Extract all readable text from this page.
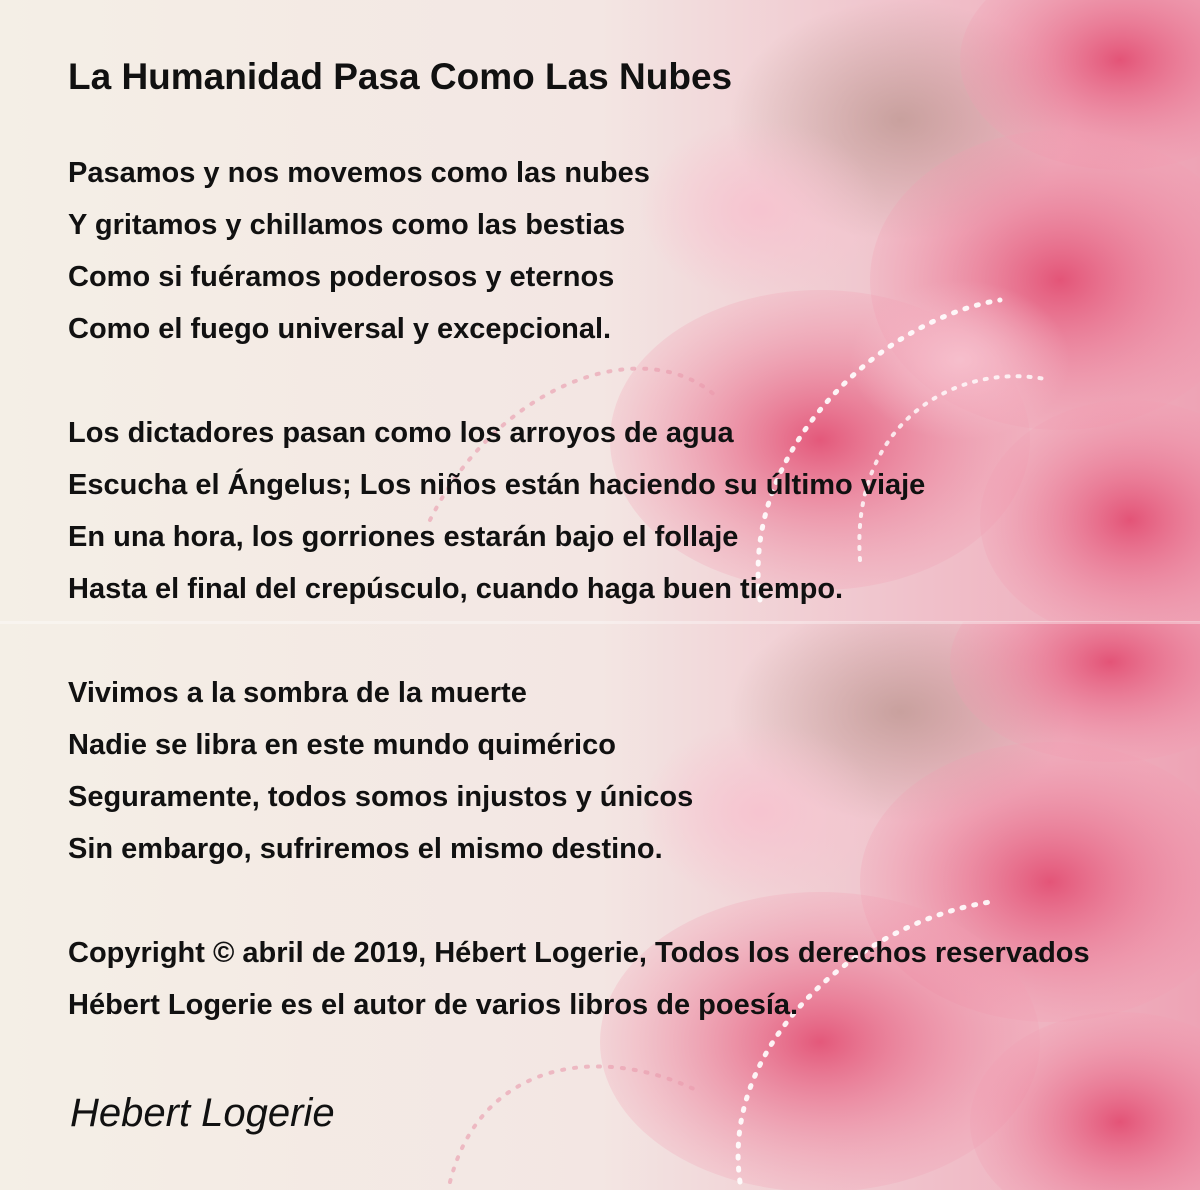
La Humanidad Pasa Como Las Nubes
Pasamos y nos movemos como las nubes
Y gritamos y chillamos como las bestias
Como si fuéramos poderosos y eternos
Como el fuego universal y excepcional.
Los dictadores pasan como los arroyos de agua
Escucha el Ángelus; Los niños están haciendo su último viaje
En una hora, los gorriones estarán bajo el follaje
Hasta el final del crepúsculo, cuando haga buen tiempo.
Vivimos a la sombra de la muerte
Nadie se libra en este mundo quimérico
Seguramente, todos somos injustos y únicos
Sin embargo, sufriremos el mismo destino.
Copyright © abril de 2019, Hébert Logerie, Todos los derechos reservados
Hébert Logerie es el autor de varios libros de poesía.
Hebert Logerie
